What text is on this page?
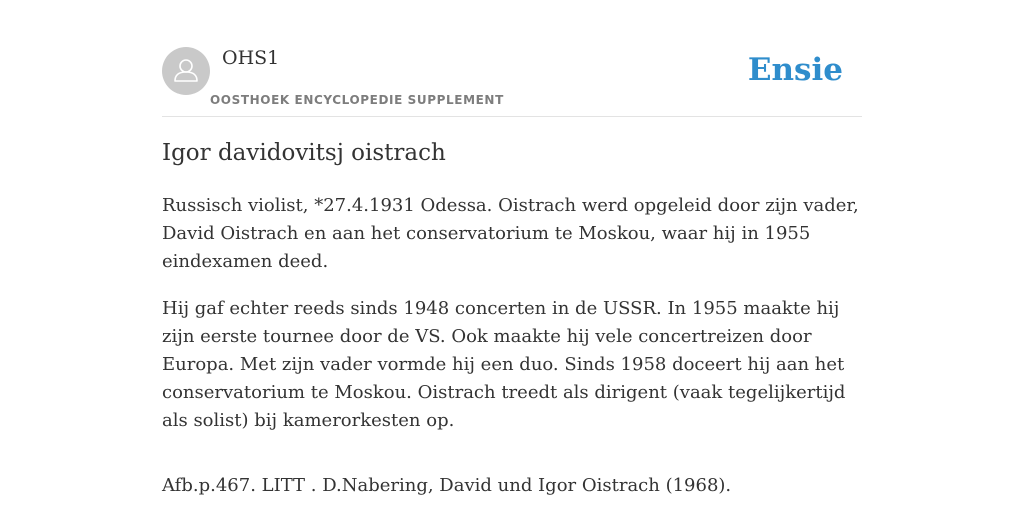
OHS1
OOSTHOEK ENCYCLOPEDIE SUPPLEMENT
Ensie
Igor davidovitsj oistrach

Russisch violist, *27.4.1931 Odessa. Oistrach werd opgeleid door zijn vader, David Oistrach en aan het conservatorium te Moskou, waar hij in 1955 eindexamen deed.

Hij gaf echter reeds sinds 1948 concerten in de USSR. In 1955 maakte hij zijn eerste tournee door de VS. Ook maakte hij vele concertreizen door Europa. Met zijn vader vormde hij een duo. Sinds 1958 doceert hij aan het conservatorium te Moskou. Oistrach treedt als dirigent (vaak tegelijkertijd als solist) bij kamerorkesten op.

Afb.p.467. LITT . D.Nabering, David und Igor Oistrach (1968).
